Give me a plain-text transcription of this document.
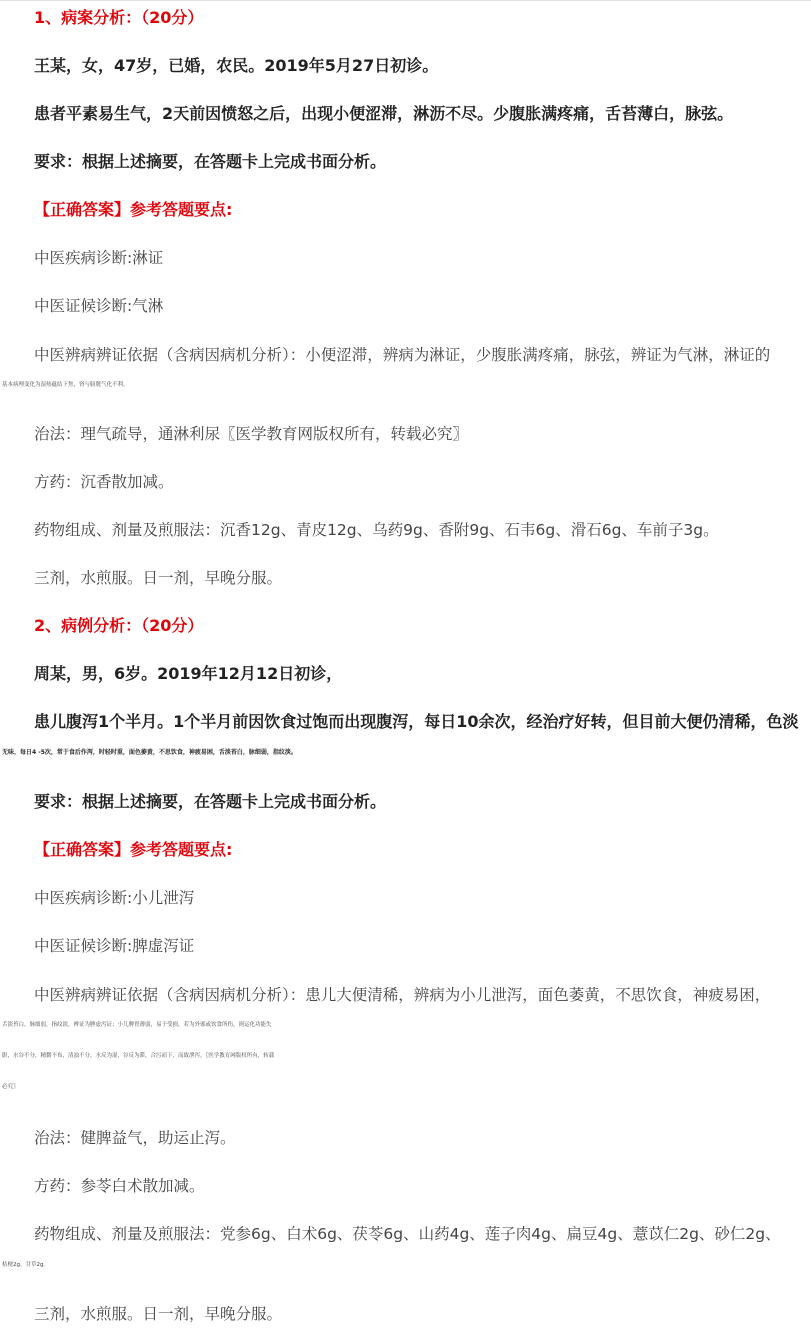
1、病案分析：（20分）
王某，女，47岁，已婚，农民。2019年5月27日初诊。
患者平素易生气，2天前因愤怒之后，出现小便涩滞，淋沥不尽。少腹胀满疼痛，舌苔薄白，脉弦。
要求：根据上述摘要，在答题卡上完成书面分析。
【正确答案】参考答题要点:
中医疾病诊断:淋证
中医证候诊断:气淋
中医辨病辨证依据（含病因病机分析）：小便涩滞，辨病为淋证，少腹胀满疼痛，脉弦，辨证为气淋，淋证的
基本病理变化为湿热蕴结下焦，肾与膀胱气化不利。
治法：理气疏导，通淋利尿〖医学教育网版权所有，转载必究〗
方药：沉香散加减。
药物组成、剂量及煎服法：沉香12g、青皮12g、乌药9g、香附9g、石韦6g、滑石6g、车前子3g。
三剂，水煎服。日一剂，早晚分服。
2、病例分析：（20分）
周某，男，6岁。2019年12月12日初诊，
患儿腹泻1个半月。1个半月前因饮食过饱而出现腹泻，每日10余次，经治疗好转，但目前大便仍清稀，色淡
无味，每日4 -5次，常于食后作泻，时轻时重，面色萎黄，不思饮食，神疲易困，舌淡苔白，脉细弱，指纹淡。
要求：根据上述摘要，在答题卡上完成书面分析。
【正确答案】参考答题要点:
中医疾病诊断:小儿泄泻
中医证候诊断:脾虚泻证
中医辨病辨证依据（含病因病机分析）：患儿大便清稀，辨病为小儿泄泻，面色萎黄，不思饮食，神疲易困，
舌淡苔白，脉细弱，指纹淡，辨证为脾虚泻证；小儿脾胃薄弱，易于受损，若为外邪或饮食所伤，则运化功能失
职，水谷不分，精微不布，清浊不分，水反为湿，谷反为滞，合污而下，而致泄泻。〖医学教育网版权所有，转载
必究〗
治法：健脾益气，助运止泻。
方药：参苓白术散加减。
药物组成、剂量及煎服法：党参6g、白术6g、茯苓6g、山药4g、莲子肉4g、扁豆4g、薏苡仁2g、砂仁2g、
桔梗2g、甘草2g。
三剂，水煎服。日一剂，早晚分服。
